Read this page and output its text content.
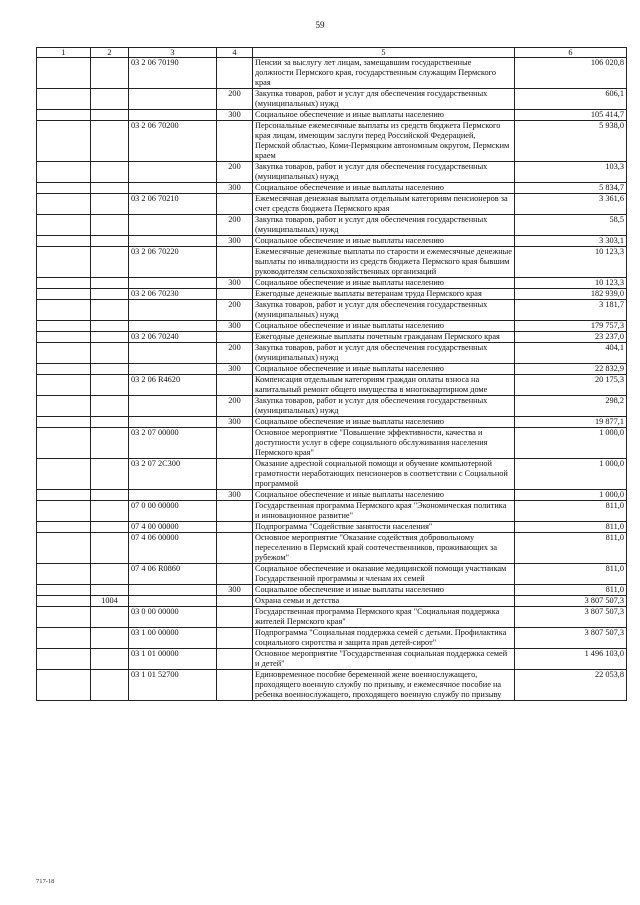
59
1	2	3	4	5	6
		03 2 06 70190		Пенсии за выслугу лет лицам, замещавшим государственные должности Пермского края, государственным служащим Пермского края	106 020,8
			200	Закупка товаров, работ и услуг для обеспечения государственных (муниципальных) нужд	606,1
			300	Социальное обеспечение и иные выплаты населению	105 414,7
		03 2 06 70200		Персональные ежемесячные выплаты из средств бюджета Пермского края лицам, имеющим заслуги перед Российской Федерацией, Пермской областью, Коми-Пермяцким автономным округом, Пермским краем	5 938,0
			200	Закупка товаров, работ и услуг для обеспечения государственных (муниципальных) нужд	103,3
			300	Социальное обеспечение и иные выплаты населению	5 834,7
		03 2 06 70210		Ежемесячная денежная выплата отдельным категориям пенсионеров за счет средств бюджета Пермского края	3 361,6
			200	Закупка товаров, работ и услуг для обеспечения государственных (муниципальных) нужд	58,5
			300	Социальное обеспечение и иные выплаты населению	3 303,1
		03 2 06 70220		Ежемесячные денежные выплаты по старости и ежемесячные денежные выплаты по инвалидности из средств бюджета Пермского края бывшим руководителям сельскохозяйственных организаций	10 123,3
			300	Социальное обеспечение и иные выплаты населению	10 123,3
		03 2 06 70230		Ежегодные денежные выплаты ветеранам труда Пермского края	182 939,0
			200	Закупка товаров, работ и услуг для обеспечения государственных (муниципальных) нужд	3 181,7
			300	Социальное обеспечение и иные выплаты населению	179 757,3
		03 2 06 70240		Ежегодные денежные выплаты почетным гражданам Пермского края	23 237,0
			200	Закупка товаров, работ и услуг для обеспечения государственных (муниципальных) нужд	404,1
			300	Социальное обеспечение и иные выплаты населению	22 832,9
		03 2 06 R4620		Компенсация отдельным категориям граждан оплаты взноса на капитальный ремонт общего имущества в многоквартирном доме	20 175,3
			200	Закупка товаров, работ и услуг для обеспечения государственных (муниципальных) нужд	298,2
			300	Социальное обеспечение и иные выплаты населению	19 877,1
		03 2 07 00000		Основное мероприятие "Повышение эффективности, качества и доступности услуг в сфере социального обслуживания населения Пермского края"	1 000,0
		03 2 07 2C300		Оказание адресной социальной помощи и обучение компьютерной грамотности неработающих пенсионеров в соответствии с Социальной программой	1 000,0
			300	Социальное обеспечение и иные выплаты населению	1 000,0
		07 0 00 00000		Государственная программа Пермского края "Экономическая политика и инновационное развитие"	811,0
		07 4 00 00000		Подпрограмма "Содействие занятости населения"	811,0
		07 4 06 00000		Основное мероприятие "Оказание содействия добровольному переселению в Пермский край соотечественников, проживающих за рубежом"	811,0
		07 4 06 R0860		Социальное обеспечение и оказание медицинской помощи участникам Государственной программы и членам их семей	811,0
			300	Социальное обеспечение и иные выплаты населению	811,0
	1004			Охрана семьи и детства	3 807 507,3
		03 0 00 00000		Государственная программа Пермского края "Социальная поддержка жителей Пермского края"	3 807 507,3
		03 1 00 00000		Подпрограмма "Социальная поддержка семей с детьми. Профилактика социального сиротства и защита прав детей-сирот"	3 807 507,3
		03 1 01 00000		Основное мероприятие "Государственная социальная поддержка семей и детей"	1 496 103,0
		03 1 01 52700		Единовременное пособие беременной жене военнослужащего, проходящего военную службу по призыву, и ежемесячное пособие на ребенка военнослужащего, проходящего военную службу по призыву	22 053,8
717-18
